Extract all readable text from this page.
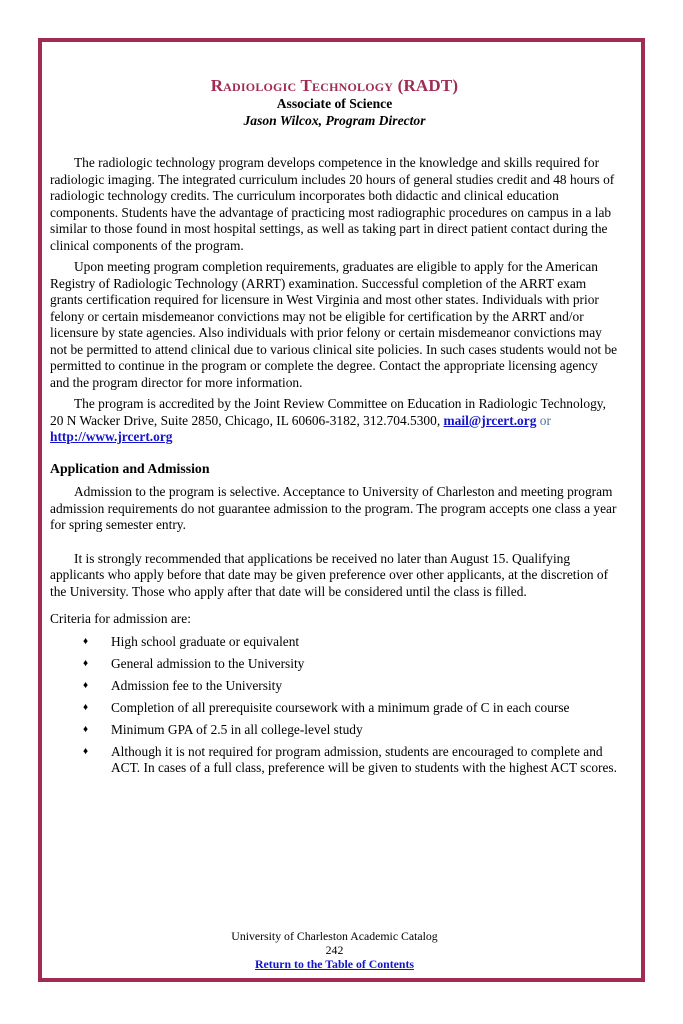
Radiologic Technology (RADT)
Associate of Science
Jason Wilcox, Program Director

The radiologic technology program develops competence in the knowledge and skills required for radiologic imaging. The integrated curriculum includes 20 hours of general studies credit and 48 hours of radiologic technology credits. The curriculum incorporates both didactic and clinical education components. Students have the advantage of practicing most radiographic procedures on campus in a lab similar to those found in most hospital settings, as well as taking part in direct patient contact during the clinical components of the program.

Upon meeting program completion requirements, graduates are eligible to apply for the American Registry of Radiologic Technology (ARRT) examination. Successful completion of the ARRT exam grants certification required for licensure in West Virginia and most other states. Individuals with prior felony or certain misdemeanor convictions may not be eligible for certification by the ARRT and/or licensure by state agencies. Also individuals with prior felony or certain misdemeanor convictions may not be permitted to attend clinical due to various clinical site policies. In such cases students would not be permitted to continue in the program or complete the degree. Contact the appropriate licensing agency and the program director for more information.

The program is accredited by the Joint Review Committee on Education in Radiologic Technology, 20 N Wacker Drive, Suite 2850, Chicago, IL 60606-3182, 312.704.5300, mail@jrcert.org or http://www.jrcert.org

Application and Admission

Admission to the program is selective. Acceptance to University of Charleston and meeting program admission requirements do not guarantee admission to the program. The program accepts one class a year for spring semester entry.

It is strongly recommended that applications be received no later than August 15. Qualifying applicants who apply before that date may be given preference over other applicants, at the discretion of the University. Those who apply after that date will be considered until the class is filled.

Criteria for admission are:
♦ High school graduate or equivalent
♦ General admission to the University
♦ Admission fee to the University
♦ Completion of all prerequisite coursework with a minimum grade of C in each course
♦ Minimum GPA of 2.5 in all college-level study
♦ Although it is not required for program admission, students are encouraged to complete and ACT. In cases of a full class, preference will be given to students with the highest ACT scores.
University of Charleston Academic Catalog
242
Return to the Table of Contents
